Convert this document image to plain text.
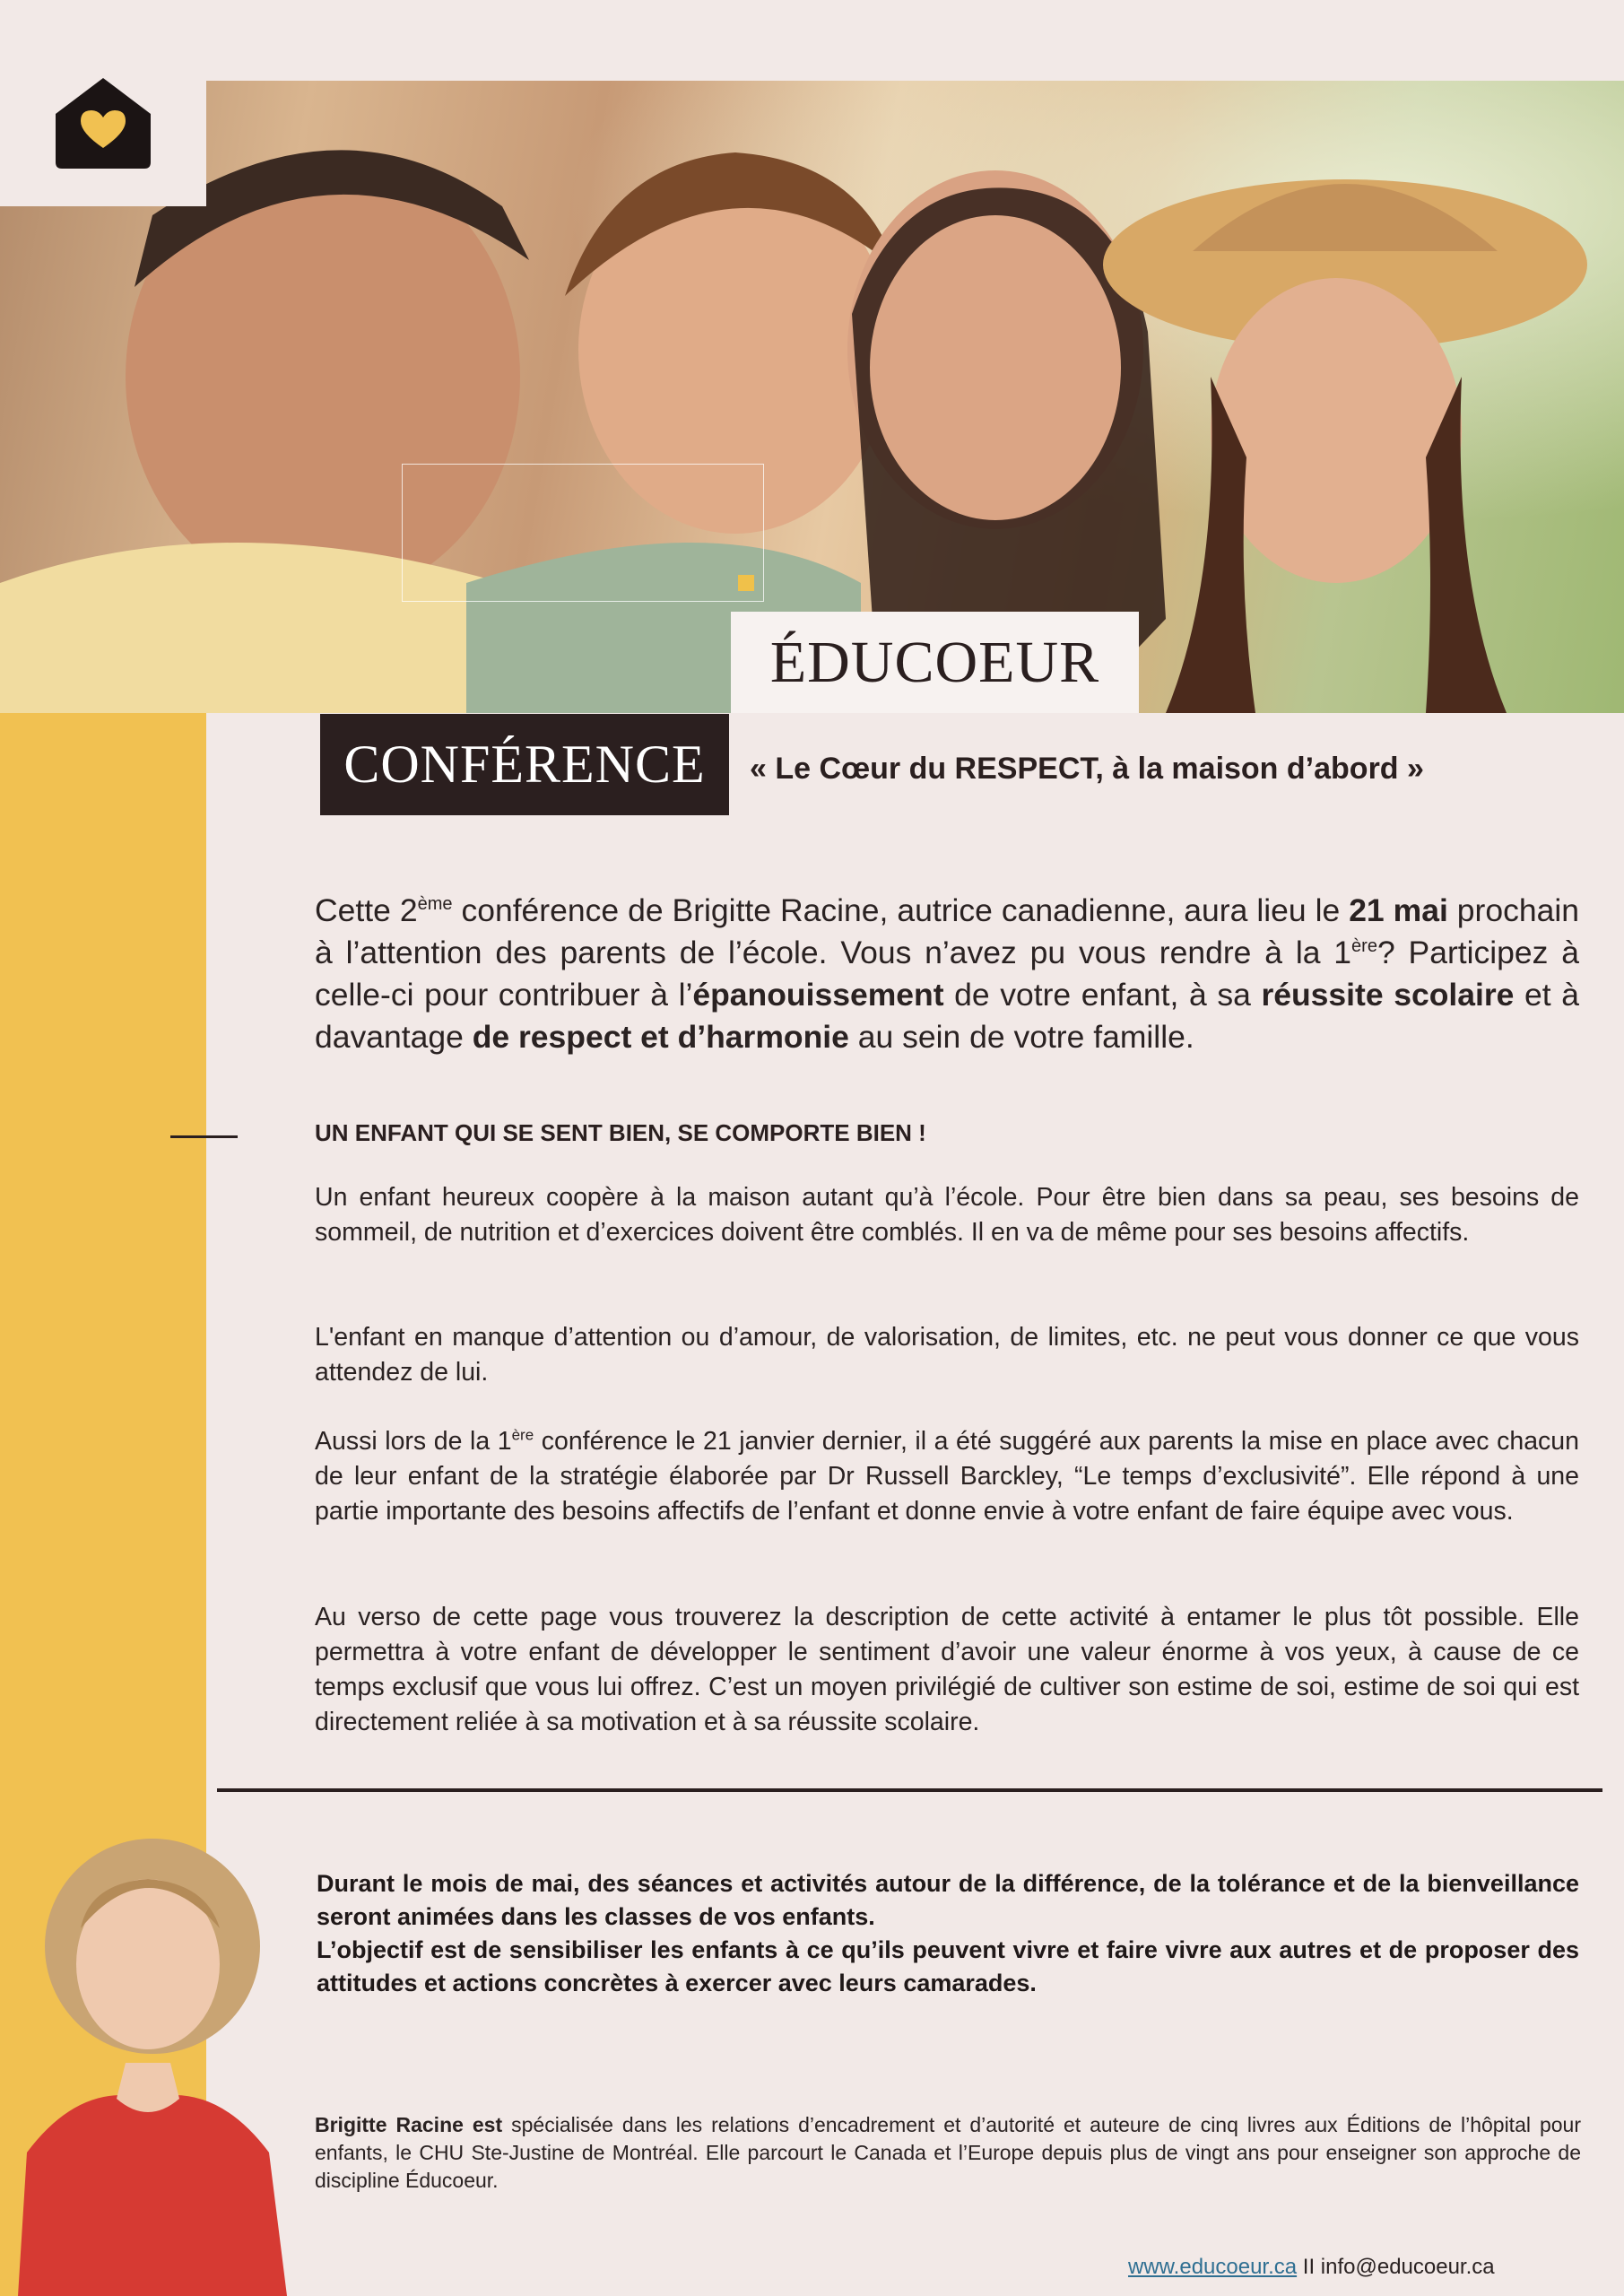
ÉDUCOEUR
CONFÉRENCE « Le Cœur du RESPECT, à la maison d’abord »

Cette 2ème conférence de Brigitte Racine, autrice canadienne, aura lieu le 21 mai prochain à l’attention des parents de l’école. Vous n’avez pu vous rendre à la 1ère? Participez à celle-ci pour contribuer à l’épanouissement de votre enfant, à sa réussite scolaire et à davantage de respect et d’harmonie au sein de votre famille.

UN ENFANT QUI SE SENT BIEN, SE COMPORTE BIEN !

Un enfant heureux coopère à la maison autant qu’à l’école. Pour être bien dans sa peau, ses besoins de sommeil, de nutrition et d’exercices doivent être comblés. Il en va de même pour ses besoins affectifs.

L'enfant en manque d’attention ou d’amour, de valorisation, de limites, etc. ne peut vous donner ce que vous attendez de lui.

Aussi lors de la 1ère conférence le 21 janvier dernier, il a été suggéré aux parents la mise en place avec chacun de leur enfant de la stratégie élaborée par Dr Russell Barckley, “Le temps d’exclusivité”. Elle répond à une partie importante des besoins affectifs de l’enfant et donne envie à votre enfant de faire équipe avec vous.

Au verso de cette page vous trouverez la description de cette activité à entamer le plus tôt possible. Elle permettra à votre enfant de développer le sentiment d’avoir une valeur énorme à vos yeux, à cause de ce temps exclusif que vous lui offrez. C’est un moyen privilégié de cultiver son estime de soi, estime de soi qui est directement reliée à sa motivation et à sa réussite scolaire.

Durant le mois de mai, des séances et activités autour de la différence, de la tolérance et de la bienveillance seront animées dans les classes de vos enfants.
L’objectif est de sensibiliser les enfants à ce qu’ils peuvent vivre et faire vivre aux autres et de proposer des attitudes et actions concrètes à exercer avec leurs camarades.

Brigitte Racine est spécialisée dans les relations d’encadrement et d’autorité et auteure de cinq livres aux Éditions de l’hôpital pour enfants, le CHU Ste-Justine de Montréal. Elle parcourt le Canada et l’Europe depuis plus de vingt ans pour enseigner son approche de discipline Éducoeur.

www.educoeur.ca II info@educoeur.ca
